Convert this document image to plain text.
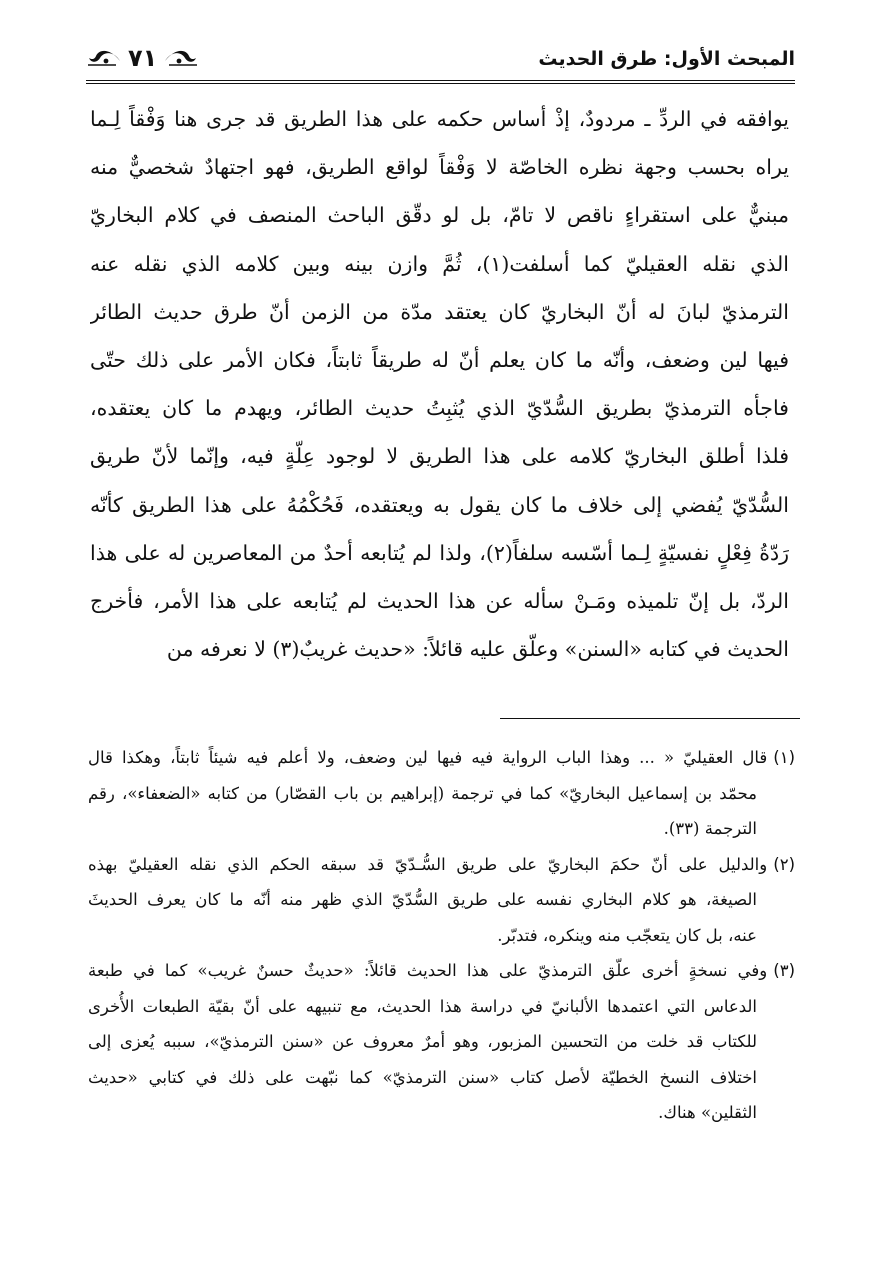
المبحث الأول: طرق الحديث
٧١
يوافقه في الردِّ ـ مردودٌ، إذْ أساس حكمه على هذا الطريق قد جرى هنا وَفْقاً لِـما
يراه بحسب وجهة نظره الخاصّة لا وَفْقاً لواقع الطريق، فهو اجتهادٌ شخصيٌّ منه
مبنيٌّ على استقراءٍ ناقص لا تامّ، بل لو دقّق الباحث المنصف في كلام البخاريّ
الذي نقله العقيليّ كما أسلفت(١)، ثُمَّ وازن بينه وبين كلامه الذي نقله عنه
الترمذيّ لبانَ له أنّ البخاريّ كان يعتقد مدّة من الزمن أنّ طرق حديث الطائر
فيها لين وضعف، وأنّه ما كان يعلم أنّ له طريقاً ثابتاً، فكان الأمر على ذلك حتّى
فاجأه الترمذيّ بطريق السُّدّيّ الذي يُثبِتُ حديث الطائر، ويهدم ما كان يعتقده،
فلذا أطلق البخاريّ كلامه على هذا الطريق لا لوجود عِلّةٍ فيه، وإنّما لأنّ طريق
السُّدّيّ يُفضي إلى خلاف ما كان يقول به ويعتقده، فَحُكْمُهُ على هذا الطريق كأنّه
رَدّةُ فِعْلٍ نفسيّةٍ لِـما أسّسه سلفاً(٢)، ولذا لم يُتابعه أحدٌ من المعاصرين له على هذا
الردّ، بل إنّ تلميذه ومَـنْ سأله عن هذا الحديث لم يُتابعه على هذا الأمر، فأخرج
الحديث في كتابه «السنن» وعلّق عليه قائلاً: «حديث غريبٌ(٣) لا نعرفه من
(١)قال العقيليّ « ... وهذا الباب الرواية فيه فيها لين وضعف، ولا أعلم فيه شيئاً ثابتاً، وهكذا قال
محمّد بن إسماعيل البخاريّ» كما في ترجمة (إبراهيم بن باب القصّار) من كتابه «الضعفاء»، رقم
الترجمة (٣٣).
(٢)والدليل على أنّ حكمَ البخاريّ على طريق السُّـدّيّ قد سبقه الحكم الذي نقله العقيليّ بهذه
الصيغة، هو كلام البخاري نفسه على طريق السُّدّيّ الذي ظهر منه أنّه ما كان يعرف الحديثَ
عنه، بل كان يتعجّب منه وينكره، فتدبّر.
(٣)وفي نسخةٍ أخرى علّق الترمذيّ على هذا الحديث قائلاً: «حديثٌ حسنٌ غريب» كما في طبعة
الدعاس التي اعتمدها الألبانيّ في دراسة هذا الحديث، مع تنبيهه على أنّ بقيّة الطبعات الأُخرى
للكتاب قد خلت من التحسين المزبور، وهو أمرٌ معروف عن «سنن الترمذيّ»، سببه يُعزى إلى
اختلاف النسخ الخطيّة لأصل كتاب «سنن الترمذيّ» كما نبّهت على ذلك في كتابي «حديث
الثقلين» هناك.
